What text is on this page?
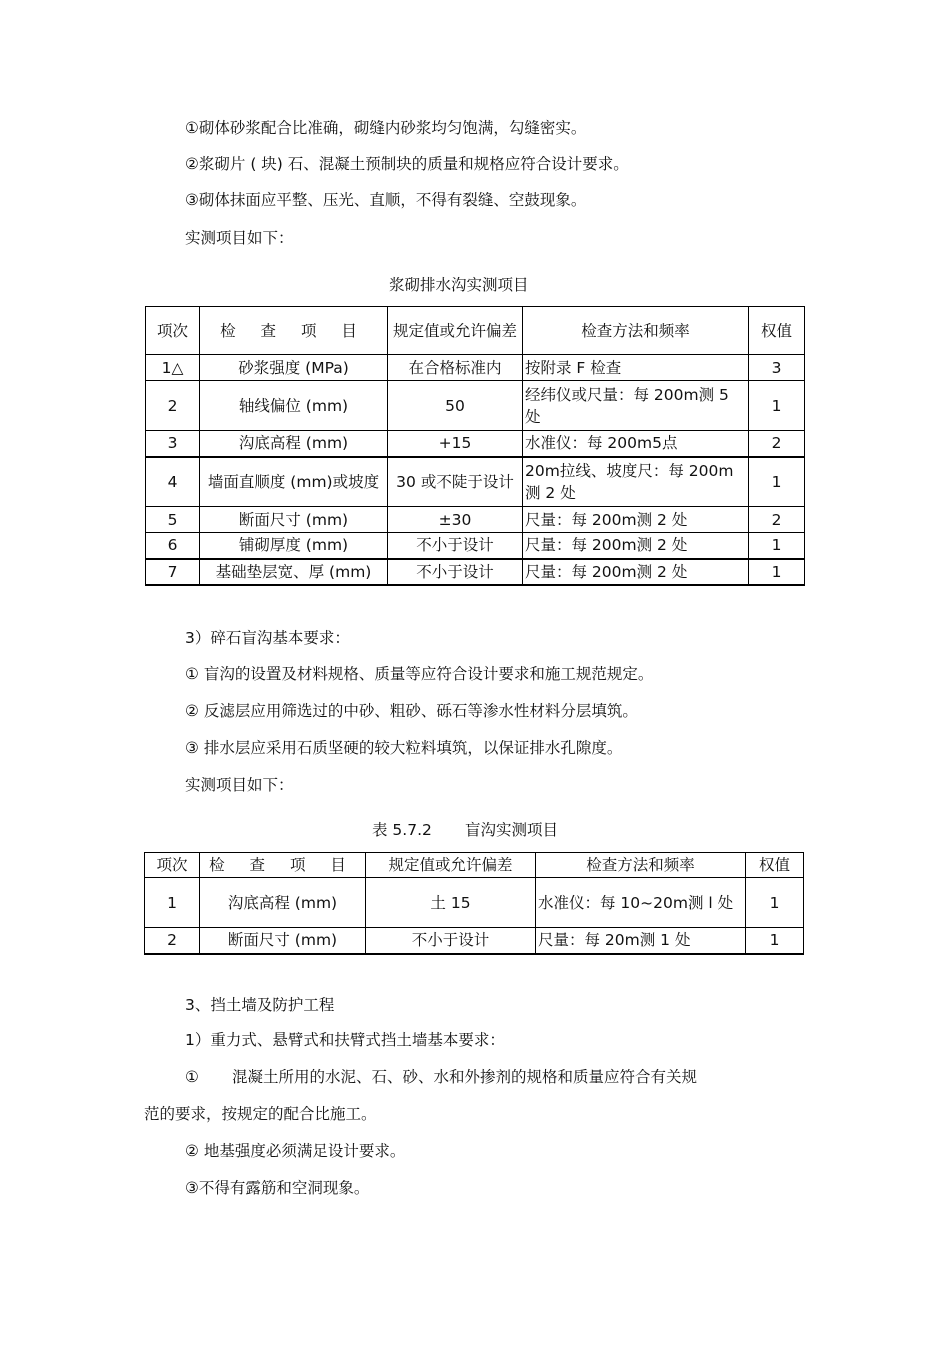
①砌体砂浆配合比准确，砌缝内砂浆均匀饱满，勾缝密实。
②浆砌片 ( 块) 石、混凝土预制块的质量和规格应符合设计要求。
③砌体抹面应平整、压光、直顺，不得有裂缝、空鼓现象。
实测项目如下：
浆砌排水沟实测项目
项次	检 查 项 目	规定值或允许偏差	检查方法和频率	权值
1△	砂浆强度 (MPa)	在合格标准内	按附录 F 检查	3
2	轴线偏位 (mm)	50	经纬仪或尺量：每 200m测 5 处	1
3	沟底高程 (mm)	+15	水准仪：每 200m5点	2
4	墙面直顺度 (mm)或坡度	30 或不陡于设计	20m拉线、坡度尺：每 200m测 2 处	1
5	断面尺寸 (mm)	±30	尺量：每 200m测 2 处	2
6	铺砌厚度 (mm)	不小于设计	尺量：每 200m测 2 处	1
7	基础垫层宽、厚 (mm)	不小于设计	尺量：每 200m测 2 处	1
3）碎石盲沟基本要求：
① 盲沟的设置及材料规格、质量等应符合设计要求和施工规范规定。
② 反滤层应用筛选过的中砂、粗砂、砾石等渗水性材料分层填筑。
③ 排水层应采用石质坚硬的较大粒料填筑，以保证排水孔隙度。
实测项目如下：
表 5.7.2 盲沟实测项目
项次	检 查 项 目	规定值或允许偏差	检查方法和频率	权值
1	沟底高程 (mm)	土 15	水准仪：每 10~20m测 l 处	1
2	断面尺寸 (mm)	不小于设计	尺量：每 20m测 1 处	1
3、挡土墙及防护工程
1）重力式、悬臂式和扶臂式挡土墙基本要求：
① 混凝土所用的水泥、石、砂、水和外掺剂的规格和质量应符合有关规
范的要求，按规定的配合比施工。
② 地基强度必须满足设计要求。
③不得有露筋和空洞现象。
